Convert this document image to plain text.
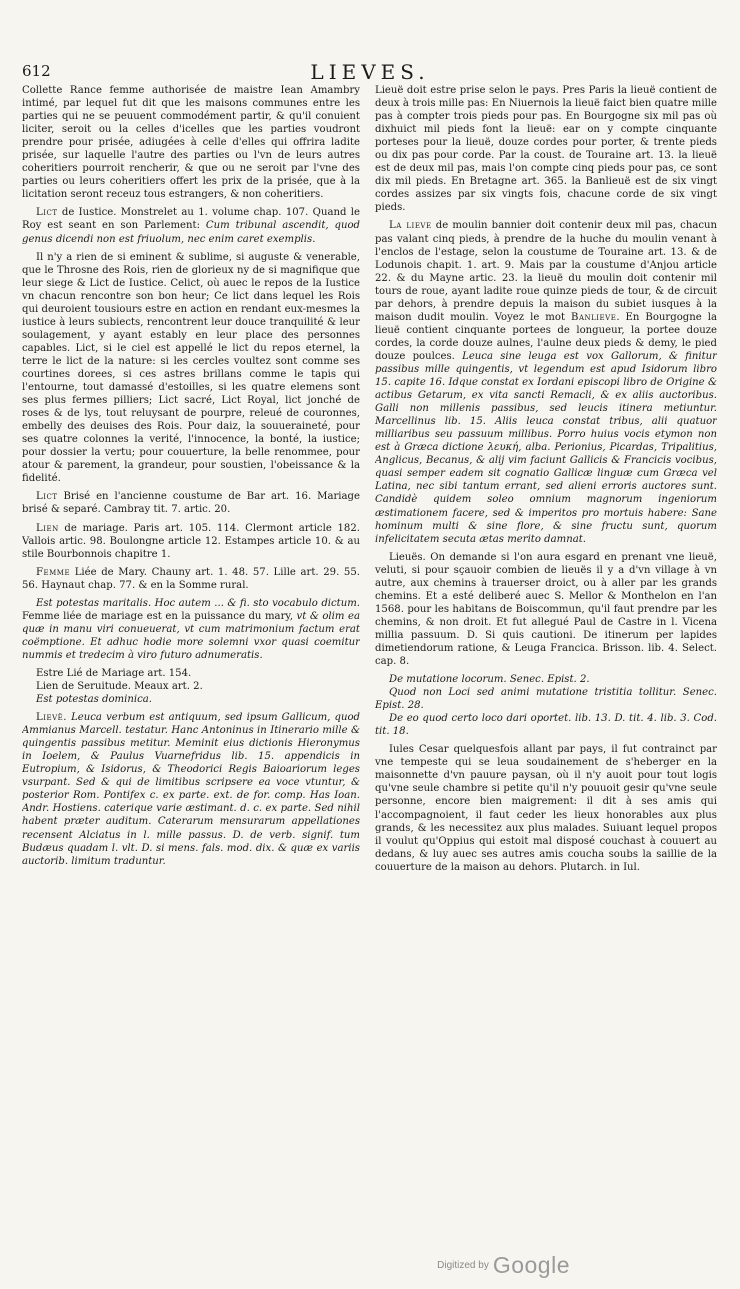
612	LIEVES.

Collette Rance femme authorisée de maistre Iean Amambry intimé, par lequel fut dit que les maisons communes entre les parties qui ne se peuuent commodément partir, & qu'il conuient liciter, seroit ou la celles d'icelles que les parties voudront prendre pour prisée, adiugées à celle d'elles qui offrira ladite prisée, sur laquelle l'autre des parties ou l'vn de leurs autres coheritiers pourroit rencherir, & que ou ne seroit par l'vne des parties ou leurs coheritiers offert les prix de la prisée, que à la licitation seront receuz tous estrangers, & non coheritiers.

Lict de Iustice. Monstrelet au 1. volume chap. 107. Quand le Roy est seant en son Parlement: Cum tribunal ascendit, quod genus dicendi non est friuolum, nec enim caret exemplis.

Il n'y a rien de si eminent & sublime, si auguste & venerable, que le Throsne des Rois, rien de glorieux ny de si magnifique que leur siege & Lict de Iustice. Celict, où auec le repos de la Iustice vn chacun rencontre son bon heur; Ce lict dans lequel les Rois qui deuroient tousiours estre en action en rendant eux-mesmes la iustice à leurs subiects, rencontrent leur douce tranquilité & leur soulagement, y ayant estably en leur place des personnes capables. Lict, si le ciel est appellé le lict du repos eternel, la terre le lict de la nature: si les cercles voultez sont comme ses courtines dorees, si ces astres brillans comme le tapis qui l'entourne, tout damassé d'estoilles, si les quatre elemens sont ses plus fermes pilliers; Lict sacré, Lict Royal, lict jonché de roses & de lys, tout reluysant de pourpre, releué de couronnes, embelly des deuises des Rois. Pour daiz, la souueraineté, pour ses quatre colonnes la verité, l'innocence, la bonté, la iustice; pour dossier la vertu; pour couuerture, la belle renommee, pour atour & parement, la grandeur, pour soustien, l'obeissance & la fidelité.

Lict Brisé en l'ancienne coustume de Bar art. 16. Mariage brisé & separé. Cambray tit. 7. artic. 20.

Lien de mariage. Paris art. 105. 114. Clermont article 182. Vallois artic. 98. Boulongne article 12. Estampes article 10. & au stile Bourbonnois chapitre 1.

Femme Liée de Mary. Chauny art. 1. 48. 57. Lille art. 29. 55. 56. Haynaut chap. 77. & en la Somme rural.

Est potestas maritalis. Hoc autem ... & fi. sto vocabulo dictum. Femme liée de mariage est en la puissance du mary, vt & olim ea quæ in manu viri conueuerat, vt cum matrimonium factum erat coëmptione. Et adhuc hodie more solemni vxor quasi coemitur nummis et tredecim à viro futuro adnumeratis.

Estre Lié de Mariage art. 154.

Lien de Seruitude. Meaux art. 2.

Est potestas dominica.

Lievë. Leuca verbum est antiquum, sed ipsum Gallicum, quod Ammianus Marcell. testatur. Hanc Antoninus in Itinerario mille & quingentis passibus metitur. Meminit eius dictionis Hieronymus in Ioelem, & Paulus Vuarnefridus lib. 15. appendicis in Eutropium, & Isidorus, & Theodorici Regis Baioariorum leges vsurpant. Sed & qui de limitibus scripsere ea voce vtuntur, & posterior Rom. Pontifex c. ex parte. ext. de for. comp. Has Ioan. Andr. Hostiens. caterique varie æstimant. d. c. ex parte. Sed nihil habent præter auditum. Caterarum mensurarum appellationes recensent Alciatus in l. mille passus. D. de verb. signif. tum Budæus quadam l. vlt. D. si mens. fals. mod. dix. & quæ ex variis auctorib. limitum traduntur.

Lieuë doit estre prise selon le pays. Pres Paris la lieuë contient de deux à trois mille pas: En Niuernois la lieuë faict bien quatre mille pas à compter trois pieds pour pas. En Bourgogne six mil pas où dixhuict mil pieds font la lieuë: ear on y compte cinquante porteses pour la lieuë, douze cordes pour porter, & trente pieds ou dix pas pour corde. Par la coust. de Touraine art. 13. la lieuë est de deux mil pas, mais l'on compte cinq pieds pour pas, ce sont dix mil pieds. En Bretagne art. 365. la Banlieuë est de six vingt cordes assizes par six vingts fois, chacune corde de six vingt pieds.

La lieve de moulin bannier doit contenir deux mil pas, chacun pas valant cinq pieds, à prendre de la huche du moulin venant à l'enclos de l'estage, selon la coustume de Touraine art. 13. & de Lodunois chapit. 1. art. 9. Mais par la coustume d'Anjou article 22. & du Mayne artic. 23. la lieuë du moulin doit contenir mil tours de roue, ayant ladite roue quinze pieds de tour, & de circuit par dehors, à prendre depuis la maison du subiet iusques à la maison dudit moulin. Voyez le mot Banlieve. En Bourgogne la lieuë contient cinquante portees de longueur, la portee douze cordes, la corde douze aulnes, l'aulne deux pieds & demy, le pied douze poulces. Leuca sine leuga est vox Gallorum, & finitur passibus mille quingentis, vt legendum est apud Isidorum libro 15. capite 16. Idque constat ex Iordani episcopi libro de Origine & actibus Getarum, ex vita sancti Remacli, & ex aliis auctoribus. Galli non millenis passibus, sed leucis itinera metiuntur. Marcellinus lib. 15. Aliis leuca constat tribus, alii quatuor milliaribus seu passuum millibus. Porro huius vocis etymon non est à Græca dictione λευκή, alba. Perionius, Picardas, Tripalitius, Anglicus, Becanus, & alij vim faciunt Gallicis & Francicis vocibus, quasi semper eadem sit cognatio Gallicæ linguæ cum Græca vel Latina, nec sibi tantum errant, sed alieni erroris auctores sunt. Candidè quidem soleo omnium magnorum ingeniorum æstimationem facere, sed & imperitos pro mortuis habere: Sane hominum multi & sine flore, & sine fructu sunt, quorum infelicitatem secuta ætas merito damnat.

Lieuës. On demande si l'on aura esgard en prenant vne lieuë, veluti, si pour sçauoir combien de lieuës il y a d'vn village à vn autre, aux chemins à trauerser droict, ou à aller par les grands chemins. Et a esté deliberé auec S. Mellor & Monthelon en l'an 1568. pour les habitans de Boiscommun, qu'il faut prendre par les chemins, & non droit. Et fut allegué Paul de Castre in l. Vicena millia passuum. D. Si quis cautioni. De itinerum per lapides dimetiendorum ratione, & Leuga Francica. Brisson. lib. 4. Select. cap. 8.

De mutatione locorum. Senec. Epist. 2.

Quod non Loci sed animi mutatione tristitia tollitur. Senec. Epist. 28.

De eo quod certo loco dari oportet. lib. 13. D. tit. 4. lib. 3. Cod. tit. 18.

Iules Cesar quelquesfois allant par pays, il fut contrainct par vne tempeste qui se leua soudainement de s'heberger en la maisonnette d'vn pauure paysan, où il n'y auoit pour tout logis qu'vne seule chambre si petite qu'il n'y pouuoit gesir qu'vne seule personne, encore bien maigrement: il dit à ses amis qui l'accompagnoient, il faut ceder les lieux honorables aux plus grands, & les necessitez aux plus malades. Suiuant lequel propos il voulut qu'Oppius qui estoit mal disposé couchast à couuert au dedans, & luy auec ses autres amis coucha soubs la saillie de la couuerture de la maison au dehors. Plutarch. in Iul.

Digitized by Google
